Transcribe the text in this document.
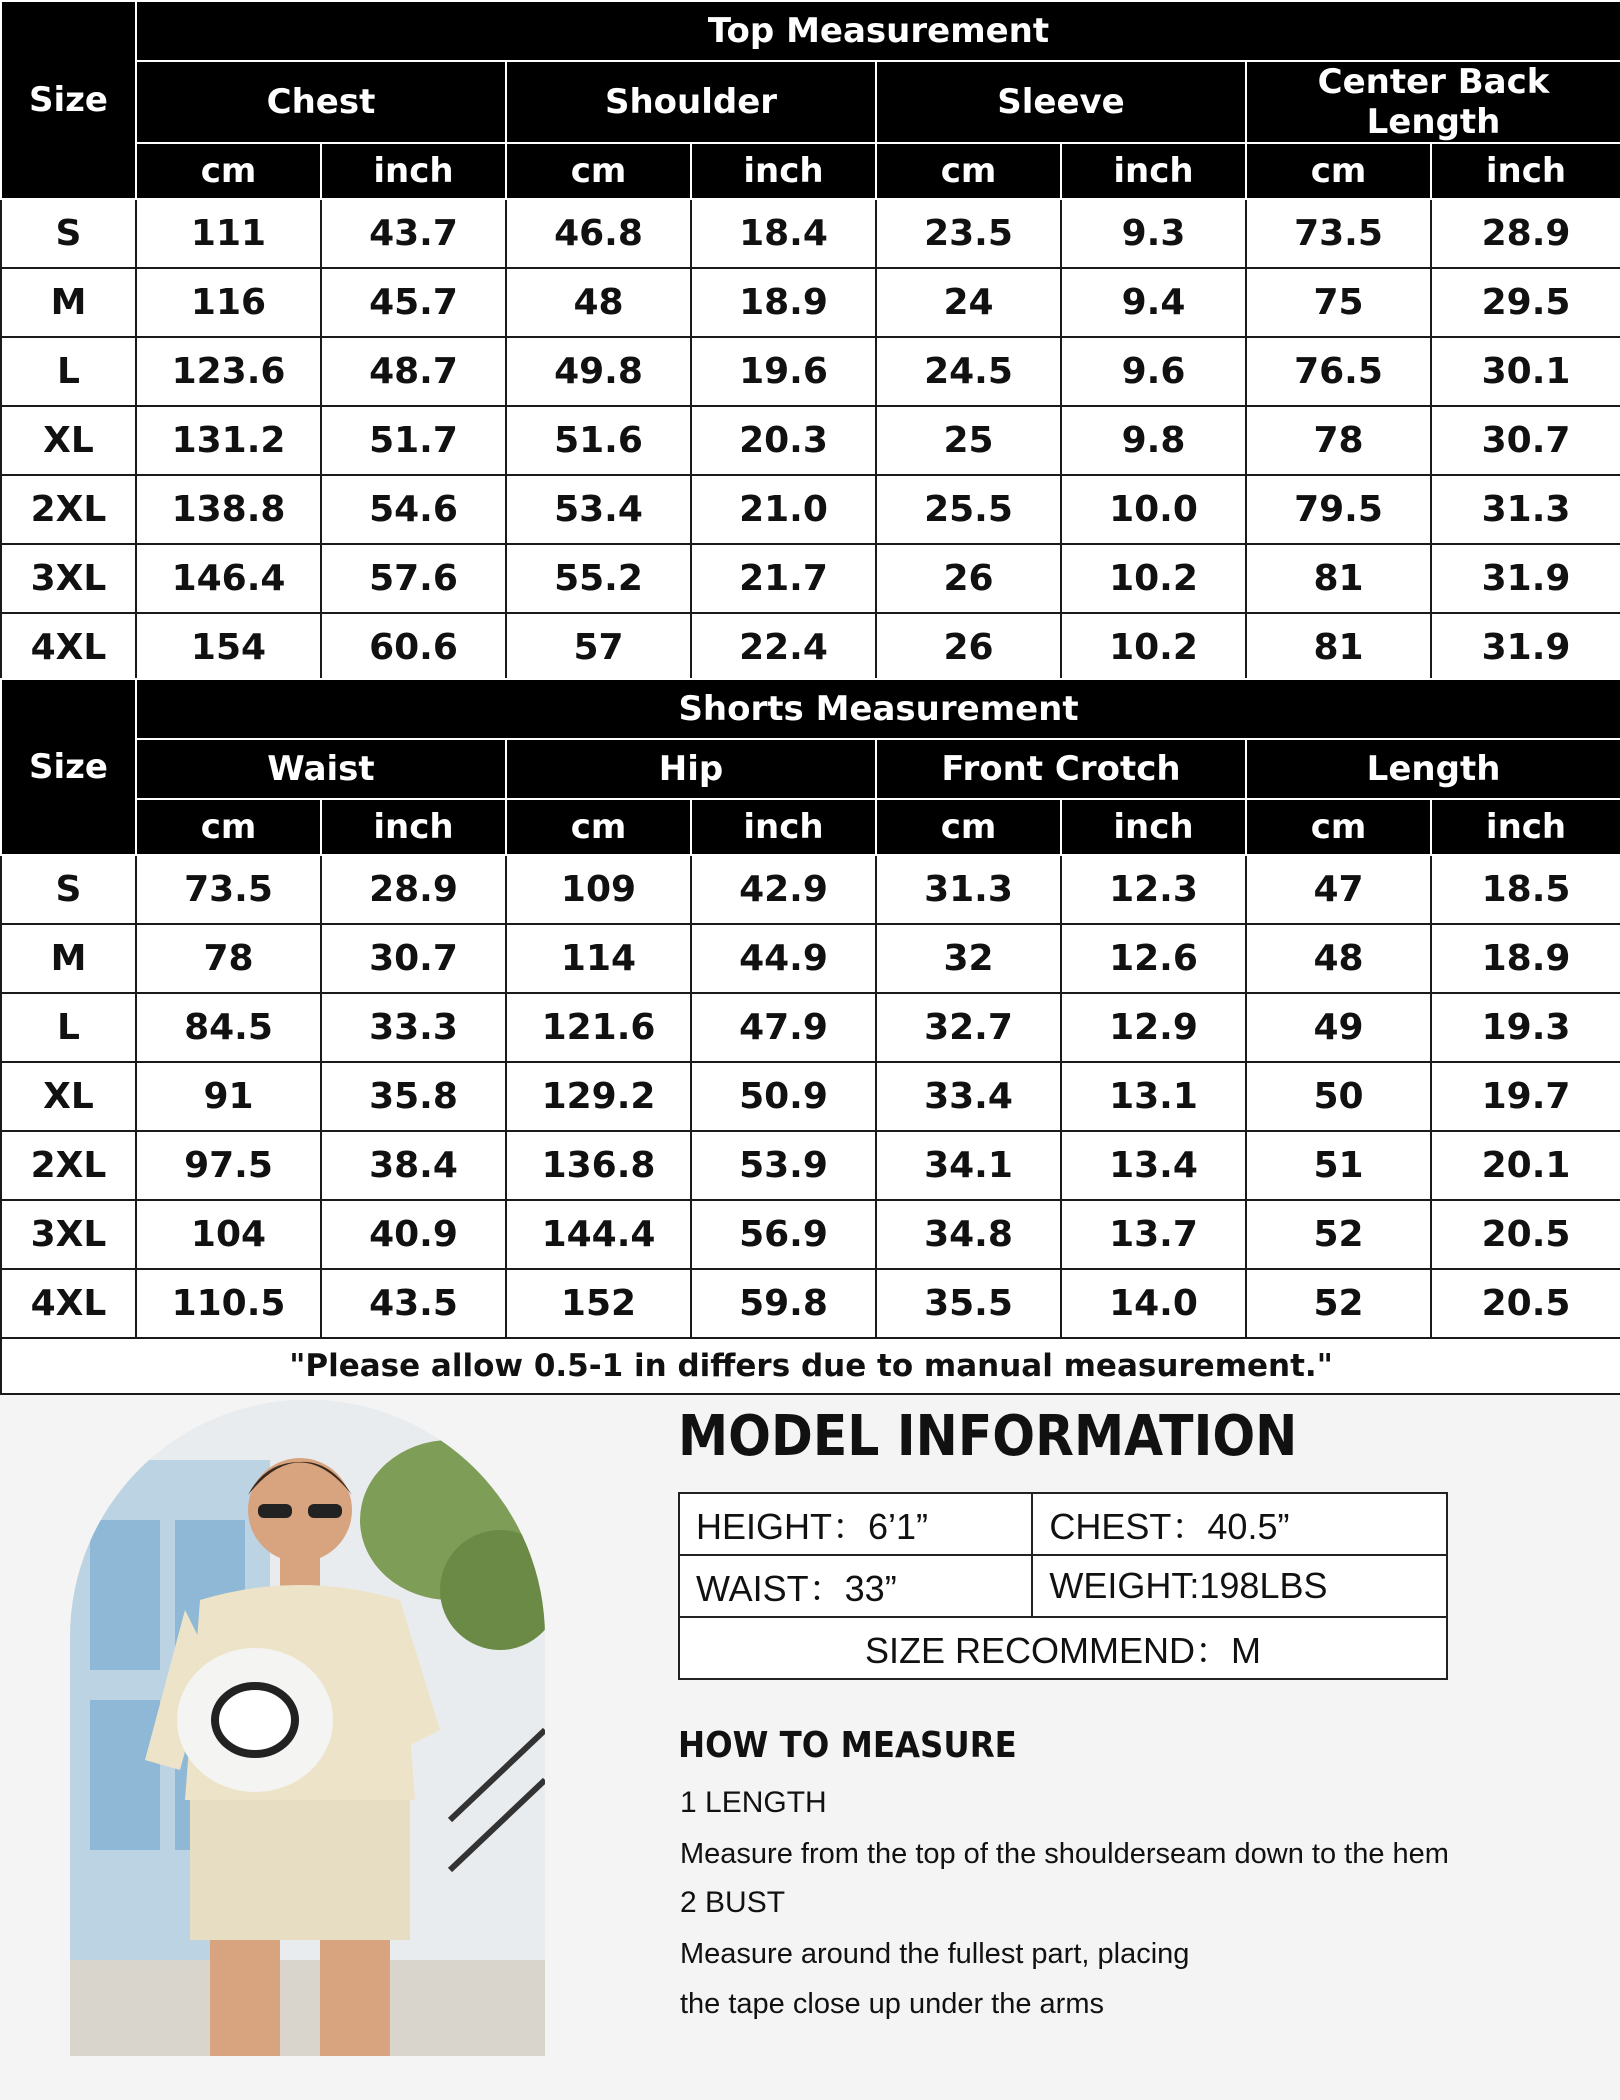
Size	Top Measurement							
	Chest		Shoulder		Sleeve		Center Back Length	
	cm	inch	cm	inch	cm	inch	cm	inch
S	111	43.7	46.8	18.4	23.5	9.3	73.5	28.9
M	116	45.7	48	18.9	24	9.4	75	29.5
L	123.6	48.7	49.8	19.6	24.5	9.6	76.5	30.1
XL	131.2	51.7	51.6	20.3	25	9.8	78	30.7
2XL	138.8	54.6	53.4	21.0	25.5	10.0	79.5	31.3
3XL	146.4	57.6	55.2	21.7	26	10.2	81	31.9
4XL	154	60.6	57	22.4	26	10.2	81	31.9
Size	Shorts Measurement							
	Waist		Hip		Front Crotch		Length	
	cm	inch	cm	inch	cm	inch	cm	inch
S	73.5	28.9	109	42.9	31.3	12.3	47	18.5
M	78	30.7	114	44.9	32	12.6	48	18.9
L	84.5	33.3	121.6	47.9	32.7	12.9	49	19.3
XL	91	35.8	129.2	50.9	33.4	13.1	50	19.7
2XL	97.5	38.4	136.8	53.9	34.1	13.4	51	20.1
3XL	104	40.9	144.4	56.9	34.8	13.7	52	20.5
4XL	110.5	43.5	152	59.8	35.5	14.0	52	20.5
"Please allow 0.5-1 in differs due to manual measurement."								
MODEL INFORMATION
HEIGHT：6’1”	CHEST：40.5”
WAIST：33”	WEIGHT:198LBS
SIZE RECOMMEND：M	
HOW TO MEASURE
1 LENGTH
Measure from the top of the shoulderseam down to the hem
2 BUST
Measure around the fullest part, placing
the tape close up under the arms
